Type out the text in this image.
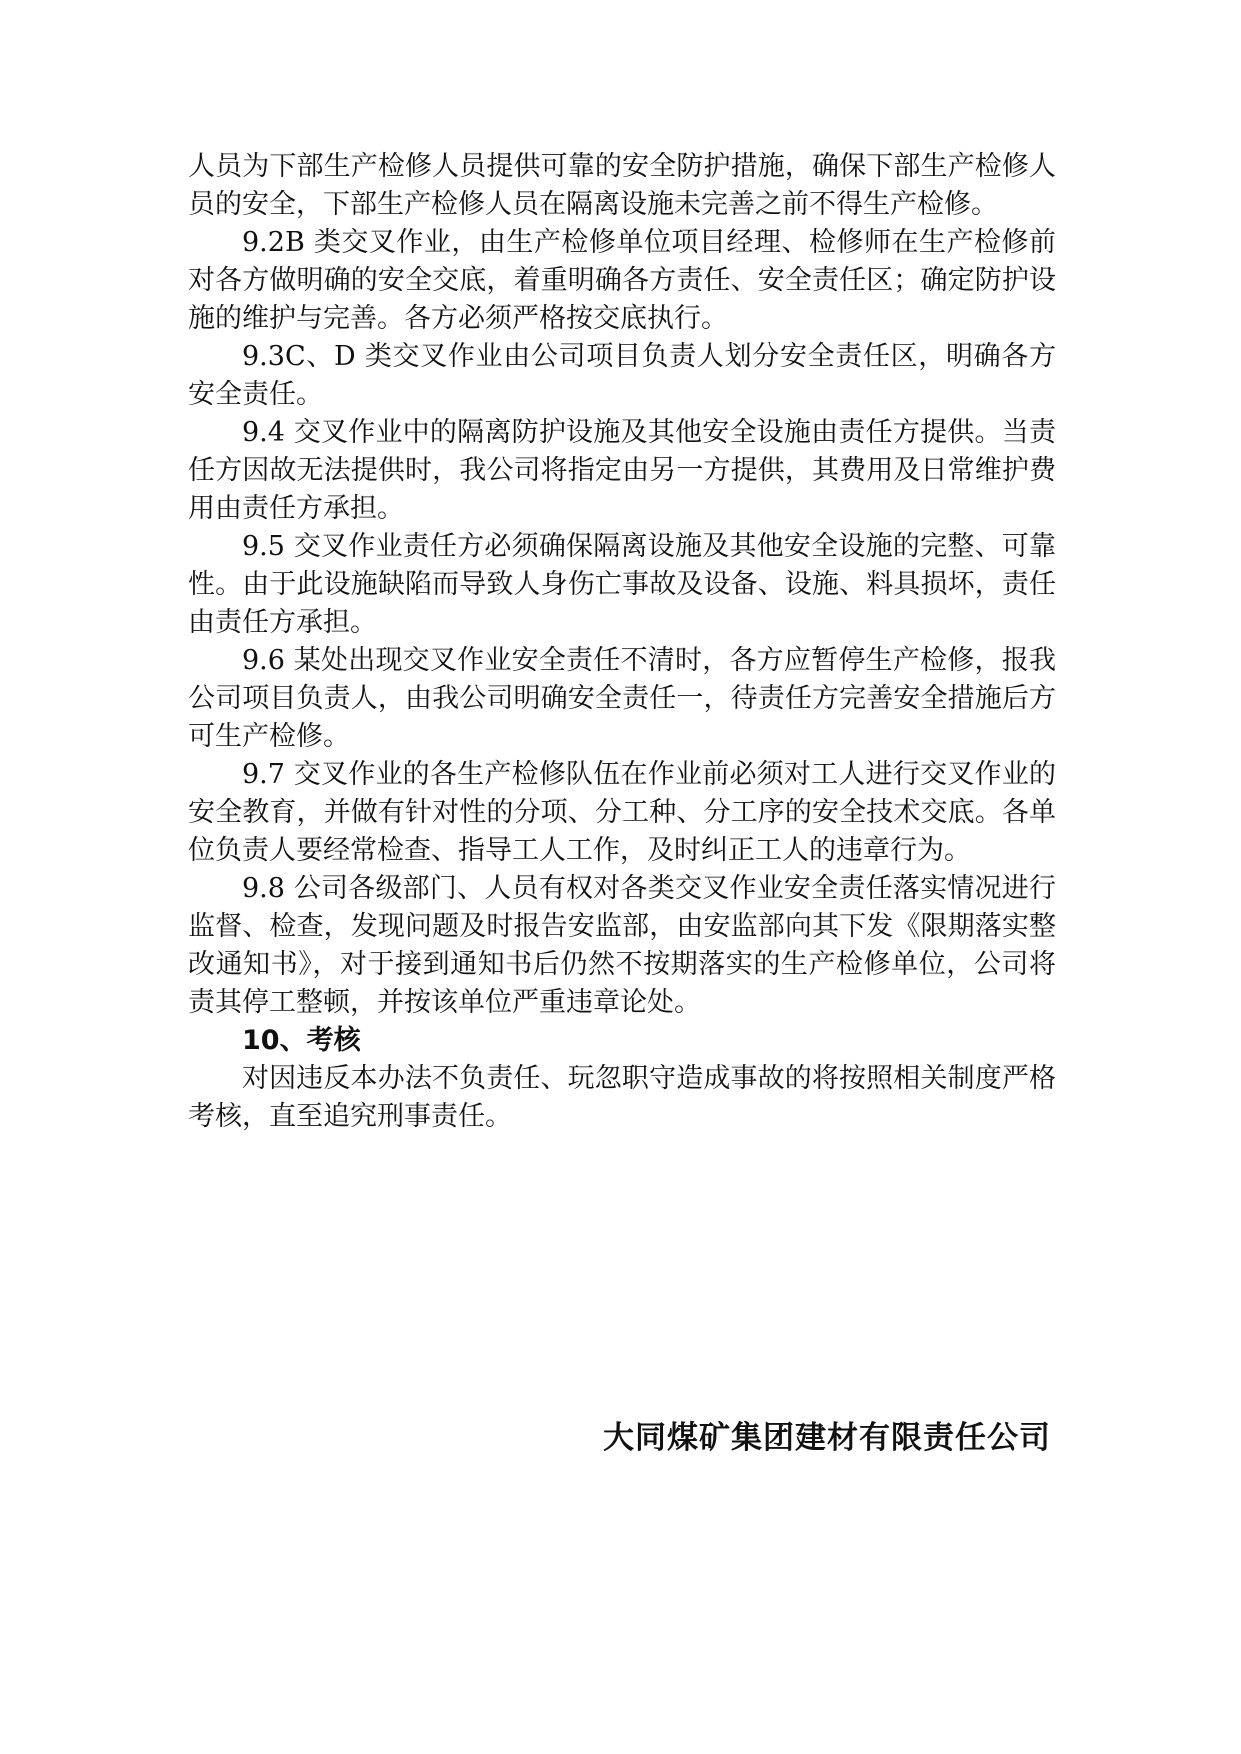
人员为下部生产检修人员提供可靠的安全防护措施，确保下部生产检修人员的安全，下部生产检修人员在隔离设施未完善之前不得生产检修。

9.2B 类交叉作业，由生产检修单位项目经理、检修师在生产检修前对各方做明确的安全交底，着重明确各方责任、安全责任区；确定防护设施的维护与完善。各方必须严格按交底执行。

9.3C、D 类交叉作业由公司项目负责人划分安全责任区，明确各方安全责任。

9.4 交叉作业中的隔离防护设施及其他安全设施由责任方提供。当责任方因故无法提供时，我公司将指定由另一方提供，其费用及日常维护费用由责任方承担。

9.5 交叉作业责任方必须确保隔离设施及其他安全设施的完整、可靠性。由于此设施缺陷而导致人身伤亡事故及设备、设施、料具损坏，责任由责任方承担。

9.6 某处出现交叉作业安全责任不清时，各方应暂停生产检修，报我公司项目负责人，由我公司明确安全责任一，待责任方完善安全措施后方可生产检修。

9.7 交叉作业的各生产检修队伍在作业前必须对工人进行交叉作业的安全教育，并做有针对性的分项、分工种、分工序的安全技术交底。各单位负责人要经常检查、指导工人工作，及时纠正工人的违章行为。

9.8 公司各级部门、人员有权对各类交叉作业安全责任落实情况进行监督、检查，发现问题及时报告安监部，由安监部向其下发《限期落实整改通知书》，对于接到通知书后仍然不按期落实的生产检修单位，公司将责其停工整顿，并按该单位严重违章论处。

10、考核

对因违反本办法不负责任、玩忽职守造成事故的将按照相关制度严格考核，直至追究刑事责任。

大同煤矿集团建材有限责任公司
